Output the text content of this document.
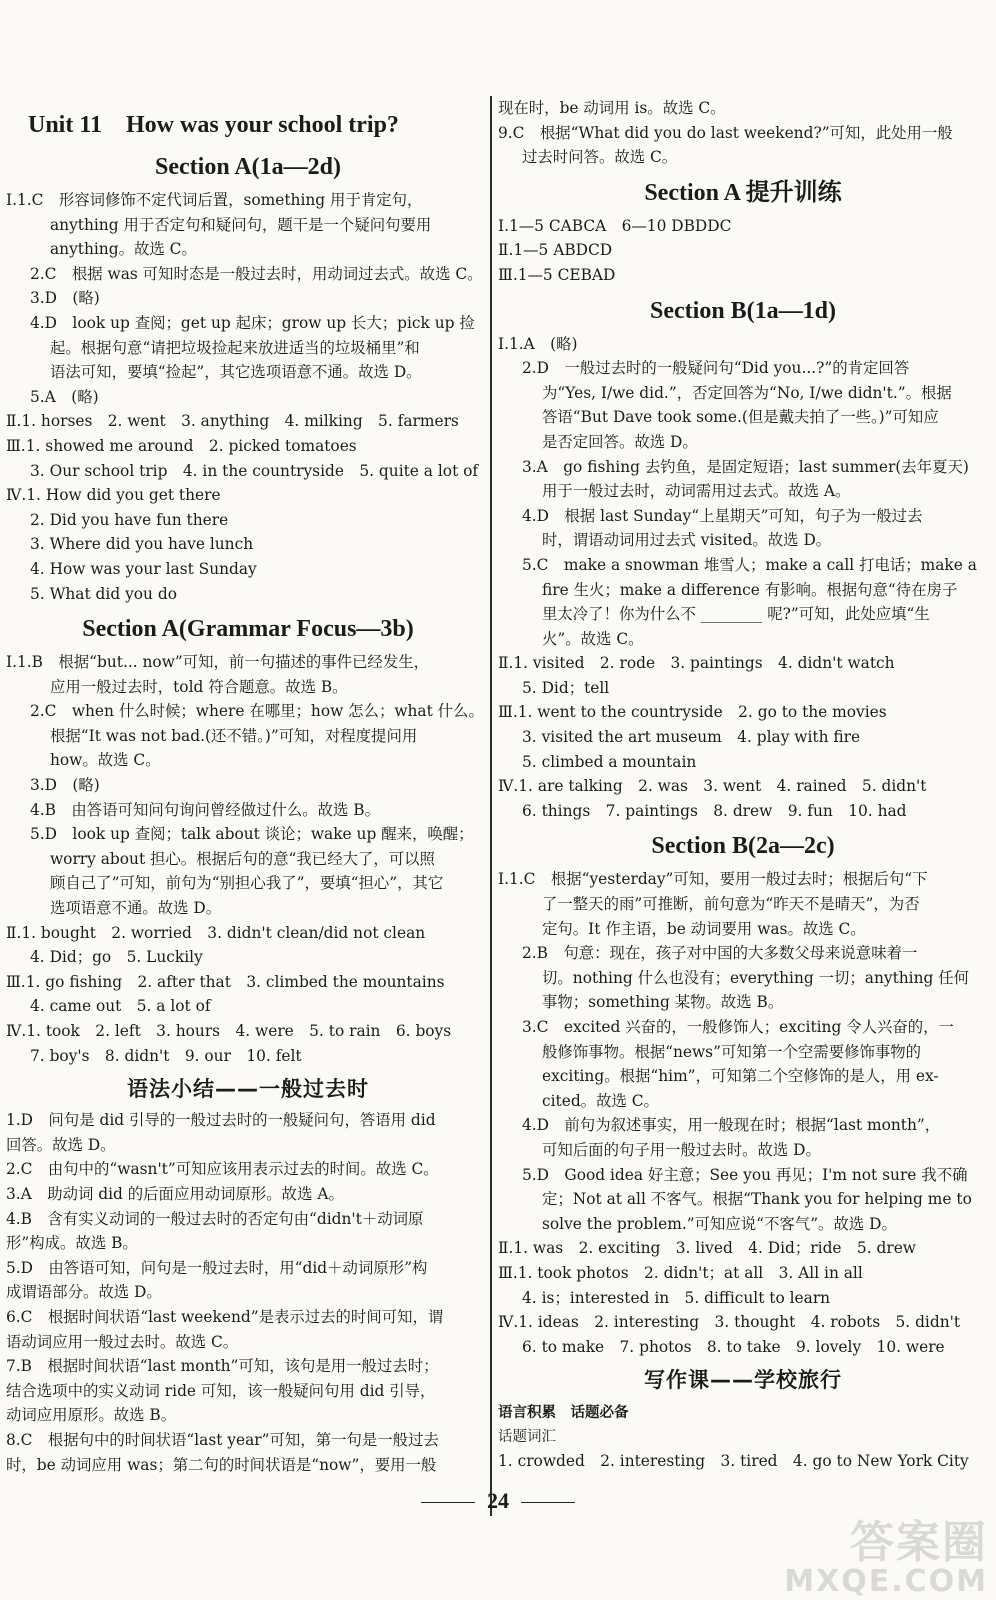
Unit 11　How was your school trip?
Section A(1a—2d)
Ⅰ.1.C　形容词修饰不定代词后置，something 用于肯定句，
anything 用于否定句和疑问句，题干是一个疑问句要用
anything。故选 C。
2.C　根据 was 可知时态是一般过去时，用动词过去式。故选 C。
3.D　(略)
4.D　look up 查阅；get up 起床；grow up 长大；pick up 捡
起。根据句意“请把垃圾捡起来放进适当的垃圾桶里”和
语法可知，要填“捡起”，其它选项语意不通。故选 D。
5.A　(略)
Ⅱ.1. horses　2. went　3. anything　4. milking　5. farmers
Ⅲ.1. showed me around　2. picked tomatoes
3. Our school trip　4. in the countryside　5. quite a lot of
Ⅳ.1. How did you get there
2. Did you have fun there
3. Where did you have lunch
4. How was your last Sunday
5. What did you do
Section A(Grammar Focus—3b)
Ⅰ.1.B　根据“but... now”可知，前一句描述的事件已经发生，
应用一般过去时，told 符合题意。故选 B。
2.C　when 什么时候；where 在哪里；how 怎么；what 什么。
根据“It was not bad.(还不错。)”可知，对程度提问用
how。故选 C。
3.D　(略)
4.B　由答语可知问句询问曾经做过什么。故选 B。
5.D　look up 查阅；talk about 谈论；wake up 醒来，唤醒；
worry about 担心。根据后句的意“我已经大了，可以照
顾自己了”可知，前句为“别担心我了”，要填“担心”，其它
选项语意不通。故选 D。
Ⅱ.1. bought　2. worried　3. didn't clean/did not clean
4. Did；go　5. Luckily
Ⅲ.1. go fishing　2. after that　3. climbed the mountains
4. came out　5. a lot of
Ⅳ.1. took　2. left　3. hours　4. were　5. to rain　6. boys
7. boy's　8. didn't　9. our　10. felt
语法小结——一般过去时
1.D　问句是 did 引导的一般过去时的一般疑问句，答语用 did
回答。故选 D。
2.C　由句中的“wasn't”可知应该用表示过去的时间。故选 C。
3.A　助动词 did 的后面应用动词原形。故选 A。
4.B　含有实义动词的一般过去时的否定句由“didn't＋动词原
形”构成。故选 B。
5.D　由答语可知，问句是一般过去时，用“did＋动词原形”构
成谓语部分。故选 D。
6.C　根据时间状语“last weekend”是表示过去的时间可知，谓
语动词应用一般过去时。故选 C。
7.B　根据时间状语“last month”可知，该句是用一般过去时；
结合选项中的实义动词 ride 可知，该一般疑问句用 did 引导，
动词应用原形。故选 B。
8.C　根据句中的时间状语“last year”可知，第一句是一般过去
时，be 动词应用 was；第二句的时间状语是“now”，要用一般
现在时，be 动词用 is。故选 C。
9.C　根据“What did you do last weekend?”可知，此处用一般
过去时问答。故选 C。
Section A 提升训练
Ⅰ.1—5 CABCA　6—10 DBDDC
Ⅱ.1—5 ABDCD
Ⅲ.1—5 CEBAD
Section B(1a—1d)
Ⅰ.1.A　(略)
2.D　一般过去时的一般疑问句“Did you...?”的肯定回答
为“Yes, I/we did.”，否定回答为“No, I/we didn't.”。根据
答语“But Dave took some.(但是戴夫拍了一些。)”可知应
是否定回答。故选 D。
3.A　go fishing 去钓鱼，是固定短语；last summer(去年夏天)
用于一般过去时，动词需用过去式。故选 A。
4.D　根据 last Sunday“上星期天”可知，句子为一般过去
时，谓语动词用过去式 visited。故选 D。
5.C　make a snowman 堆雪人；make a call 打电话；make a
fire 生火；make a difference 有影响。根据句意“待在房子
里太冷了！你为什么不 ________ 呢?”可知，此处应填“生
火”。故选 C。
Ⅱ.1. visited　2. rode　3. paintings　4. didn't watch
5. Did；tell
Ⅲ.1. went to the countryside　2. go to the movies
3. visited the art museum　4. play with fire
5. climbed a mountain
Ⅳ.1. are talking　2. was　3. went　4. rained　5. didn't
6. things　7. paintings　8. drew　9. fun　10. had
Section B(2a—2c)
Ⅰ.1.C　根据“yesterday”可知，要用一般过去时；根据后句“下
了一整天的雨”可推断，前句意为“昨天不是晴天”，为否
定句。It 作主语，be 动词要用 was。故选 C。
2.B　句意：现在，孩子对中国的大多数父母来说意味着一
切。nothing 什么也没有；everything 一切；anything 任何
事物；something 某物。故选 B。
3.C　excited 兴奋的，一般修饰人；exciting 令人兴奋的，一
般修饰事物。根据“news”可知第一个空需要修饰事物的
exciting。根据“him”，可知第二个空修饰的是人，用 ex-
cited。故选 C。
4.D　前句为叙述事实，用一般现在时；根据“last month”，
可知后面的句子用一般过去时。故选 D。
5.D　Good idea 好主意；See you 再见；I'm not sure 我不确
定；Not at all 不客气。根据“Thank you for helping me to
solve the problem.”可知应说“不客气”。故选 D。
Ⅱ.1. was　2. exciting　3. lived　4. Did；ride　5. drew
Ⅲ.1. took photos　2. didn't；at all　3. All in all
4. is；interested in　5. difficult to learn
Ⅳ.1. ideas　2. interesting　3. thought　4. robots　5. didn't
6. to make　7. photos　8. to take　9. lovely　10. were
写作课——学校旅行
语言积累　话题必备
话题词汇
1. crowded　2. interesting　3. tired　4. go to New York City
24
答案圈
MXQE.COM
